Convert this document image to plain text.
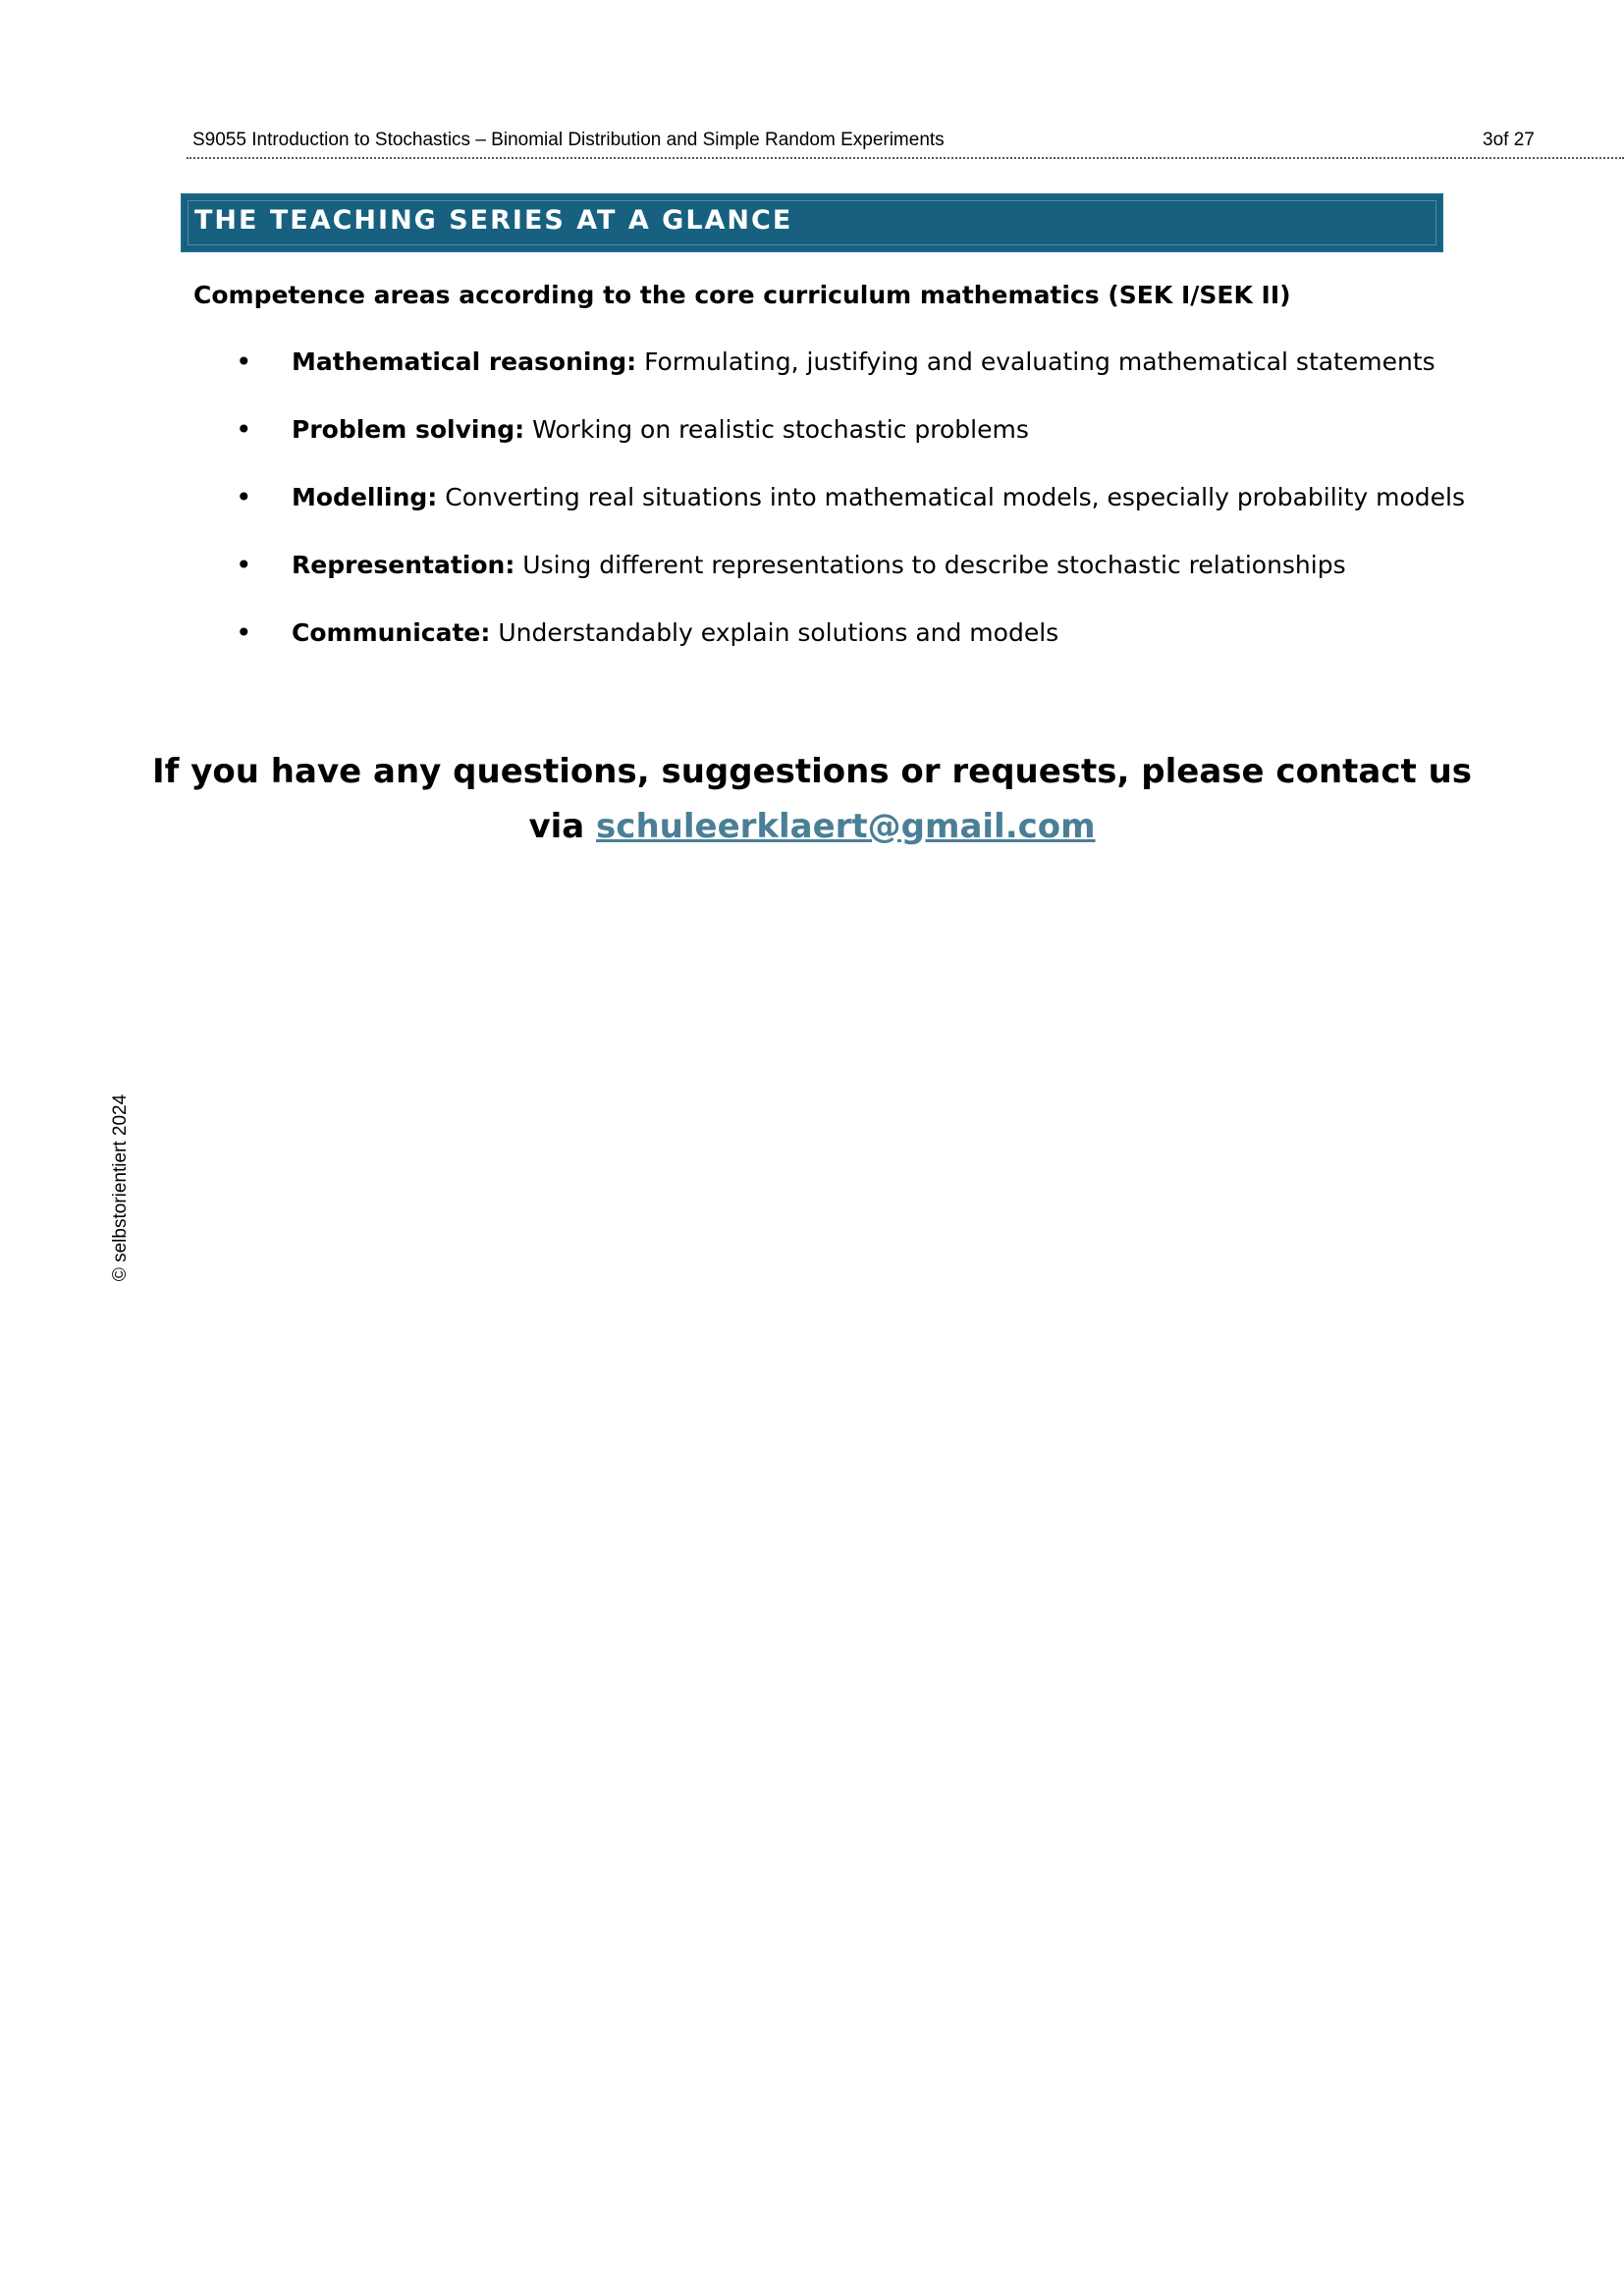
S9055 Introduction to Stochastics – Binomial Distribution and Simple Random Experiments	3of 27
THE TEACHING SERIES AT A GLANCE
Competence areas according to the core curriculum mathematics (SEK I/SEK II)
• Mathematical reasoning: Formulating, justifying and evaluating mathematical statements
• Problem solving: Working on realistic stochastic problems
• Modelling: Converting real situations into mathematical models, especially probability models
• Representation: Using different representations to describe stochastic relationships
• Communicate: Understandably explain solutions and models
If you have any questions, suggestions or requests, please contact us
via schuleerklaert@gmail.com
© selbstorientiert 2024
